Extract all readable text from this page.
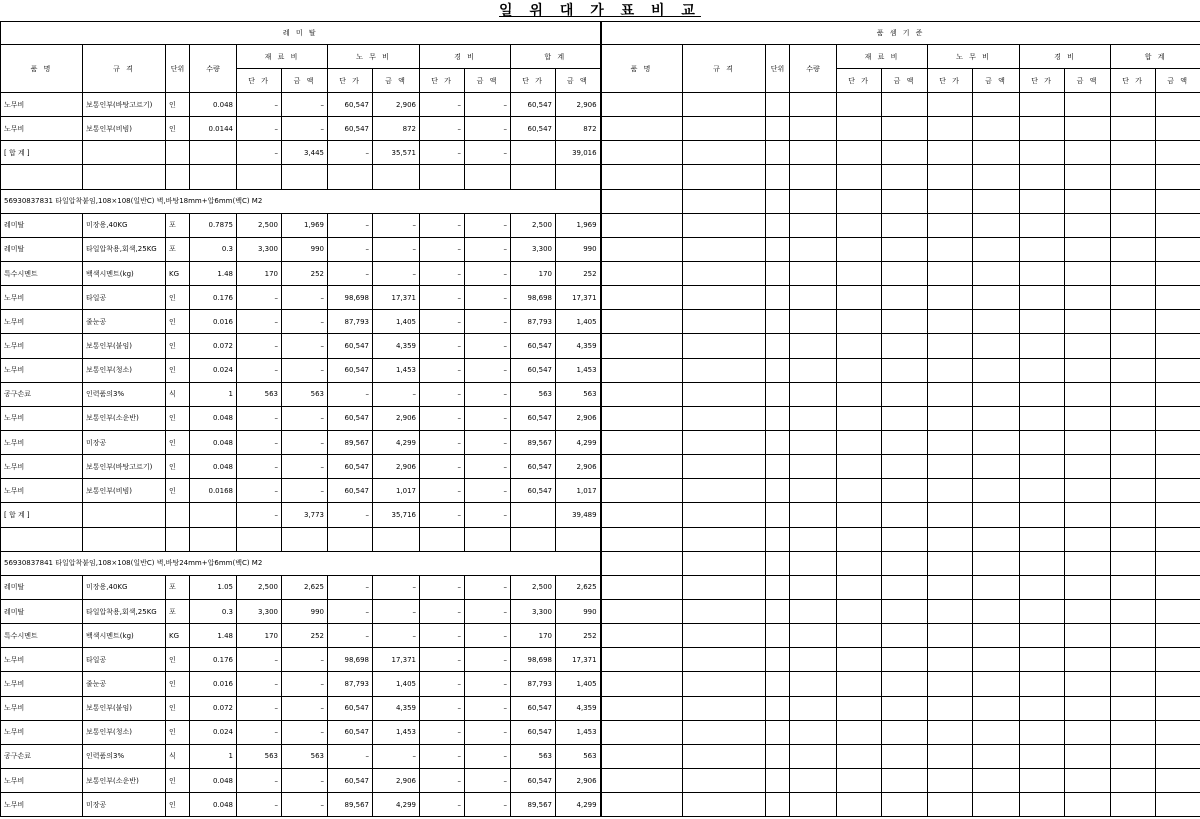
일 위 대 가 표 비 교
레 미 탈											
품 명	규 격	단위	수량	재 료 비		노 무 비		경 비		합 계	
				단 가	금 액	단 가	금 액	단 가	금 액	단 가	금 액
노무비	보통인부(바탕고르기)	인	0.048	–	–	60,547	2,906	–	–	60,547	2,906
노무비	보통인부(비빔)	인	0.0144	–	–	60,547	872	–	–	60,547	872
[ 합 계 ]				–	3,445	–	35,571	–	–		39,016

56930837831 타일압착붙임,108×108(일반C) 벽,바탕18mm+압6mm(백C) M2											
레미탈	미장용,40KG	포	0.7875	2,500	1,969	–	–	–	–	2,500	1,969
레미탈	타일압착용,회색,25KG	포	0.3	3,300	990	–	–	–	–	3,300	990
특수시멘트	백색시멘트(kg)	KG	1.48	170	252	–	–	–	–	170	252
노무비	타일공	인	0.176	–	–	98,698	17,371	–	–	98,698	17,371
노무비	줄눈공	인	0.016	–	–	87,793	1,405	–	–	87,793	1,405
노무비	보통인부(붙임)	인	0.072	–	–	60,547	4,359	–	–	60,547	4,359
노무비	보통인부(청소)	인	0.024	–	–	60,547	1,453	–	–	60,547	1,453
공구손료	인력품의3%	식	1	563	563	–	–	–	–	563	563
노무비	보통인부(소운반)	인	0.048	–	–	60,547	2,906	–	–	60,547	2,906
노무비	미장공	인	0.048	–	–	89,567	4,299	–	–	89,567	4,299
노무비	보통인부(바탕고르기)	인	0.048	–	–	60,547	2,906	–	–	60,547	2,906
노무비	보통인부(비빔)	인	0.0168	–	–	60,547	1,017	–	–	60,547	1,017
[ 합 계 ]				–	3,773	–	35,716	–	–		39,489

56930837841 타일압착붙임,108×108(일반C) 벽,바탕24mm+압6mm(백C) M2											
레미탈	미장용,40KG	포	1.05	2,500	2,625	–	–	–	–	2,500	2,625
레미탈	타일압착용,회색,25KG	포	0.3	3,300	990	–	–	–	–	3,300	990
특수시멘트	백색시멘트(kg)	KG	1.48	170	252	–	–	–	–	170	252
노무비	타일공	인	0.176	–	–	98,698	17,371	–	–	98,698	17,371
노무비	줄눈공	인	0.016	–	–	87,793	1,405	–	–	87,793	1,405
노무비	보통인부(붙임)	인	0.072	–	–	60,547	4,359	–	–	60,547	4,359
노무비	보통인부(청소)	인	0.024	–	–	60,547	1,453	–	–	60,547	1,453
공구손료	인력품의3%	식	1	563	563	–	–	–	–	563	563
노무비	보통인부(소운반)	인	0.048	–	–	60,547	2,906	–	–	60,547	2,906
노무비	미장공	인	0.048	–	–	89,567	4,299	–	–	89,567	4,299
품 셈 기 준											
품 명	규 격	단위	수량	재 료 비		노 무 비		경 비		합 계	
				단 가	금 액	단 가	금 액	단 가	금 액	단 가	금 액
